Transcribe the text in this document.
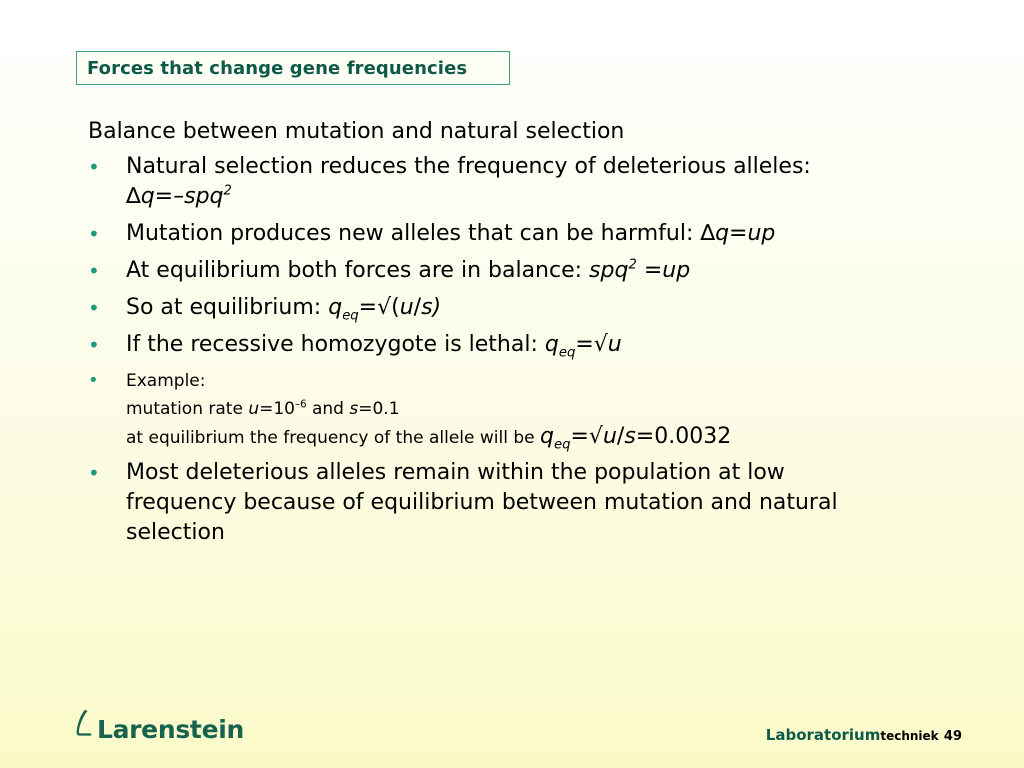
Forces that change gene frequencies

Balance between mutation and natural selection

• Natural selection reduces the frequency of deleterious alleles:
∆q=–spq$^2$
• Mutation produces new alleles that can be harmful: ∆q=up
• At equilibrium both forces are in balance: spq$^2$ =up
• So at equilibrium: $q_{eq}=√(u/s)$
• If the recessive homozygote is lethal: $q_{eq}=√u$
• Example:
mutation rate $u=10^{-6}$ and s=0.1
at equilibrium the frequency of the allele will be $q_{eq}=√u/s=0.0032$
• Most deleterious alleles remain within the population at low
frequency because of equilibrium between mutation and natural
selection
Larenstein	Laboratoriumtechniek 49
